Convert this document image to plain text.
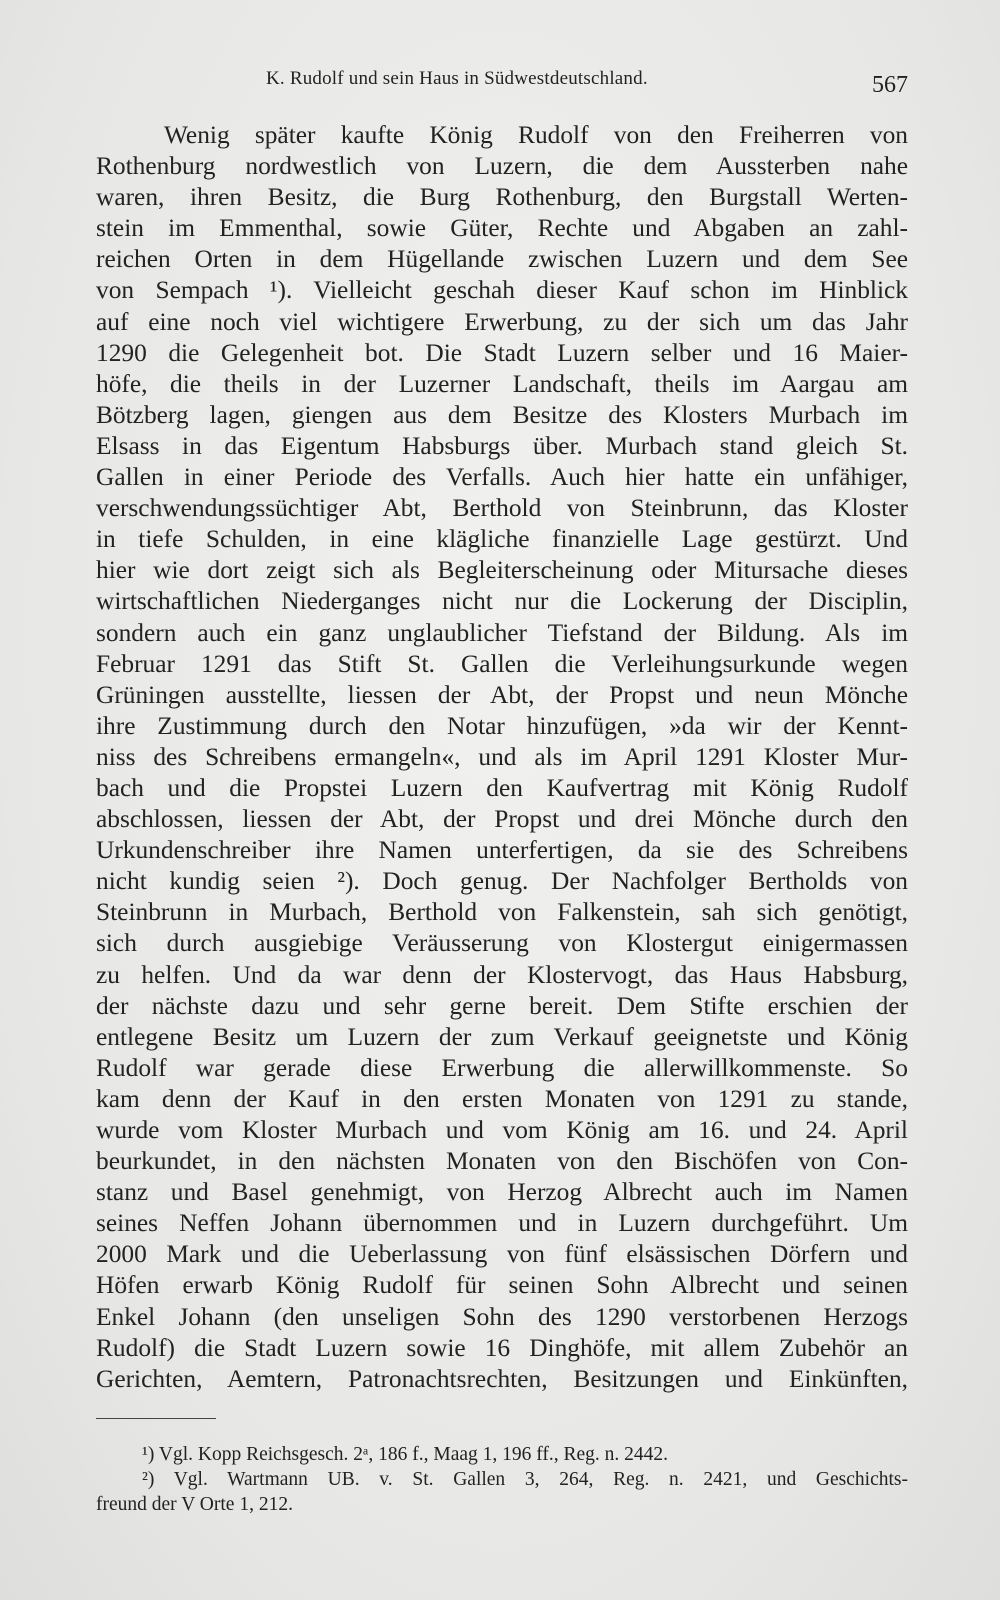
K. Rudolf und sein Haus in Südwestdeutschland.	567
Wenig später kaufte König Rudolf von den Freiherren von
Rothenburg nordwestlich von Luzern, die dem Aussterben nahe
waren, ihren Besitz, die Burg Rothenburg, den Burgstall Werten-
stein im Emmenthal, sowie Güter, Rechte und Abgaben an zahl-
reichen Orten in dem Hügellande zwischen Luzern und dem See
von Sempach ¹). Vielleicht geschah dieser Kauf schon im Hinblick
auf eine noch viel wichtigere Erwerbung, zu der sich um das Jahr
1290 die Gelegenheit bot. Die Stadt Luzern selber und 16 Maier-
höfe, die theils in der Luzerner Landschaft, theils im Aargau am
Bötzberg lagen, giengen aus dem Besitze des Klosters Murbach im
Elsass in das Eigentum Habsburgs über. Murbach stand gleich St.
Gallen in einer Periode des Verfalls. Auch hier hatte ein unfähiger,
verschwendungssüchtiger Abt, Berthold von Steinbrunn, das Kloster
in tiefe Schulden, in eine klägliche finanzielle Lage gestürzt. Und
hier wie dort zeigt sich als Begleiterscheinung oder Mitursache dieses
wirtschaftlichen Niederganges nicht nur die Lockerung der Disciplin,
sondern auch ein ganz unglaublicher Tiefstand der Bildung. Als im
Februar 1291 das Stift St. Gallen die Verleihungsurkunde wegen
Grüningen ausstellte, liessen der Abt, der Propst und neun Mönche
ihre Zustimmung durch den Notar hinzufügen, »da wir der Kennt-
niss des Schreibens ermangeln«, und als im April 1291 Kloster Mur-
bach und die Propstei Luzern den Kaufvertrag mit König Rudolf
abschlossen, liessen der Abt, der Propst und drei Mönche durch den
Urkundenschreiber ihre Namen unterfertigen, da sie des Schreibens
nicht kundig seien ²). Doch genug. Der Nachfolger Bertholds von
Steinbrunn in Murbach, Berthold von Falkenstein, sah sich genötigt,
sich durch ausgiebige Veräusserung von Klostergut einigermassen
zu helfen. Und da war denn der Klostervogt, das Haus Habsburg,
der nächste dazu und sehr gerne bereit. Dem Stifte erschien der
entlegene Besitz um Luzern der zum Verkauf geeignetste und König
Rudolf war gerade diese Erwerbung die allerwillkommenste. So
kam denn der Kauf in den ersten Monaten von 1291 zu stande,
wurde vom Kloster Murbach und vom König am 16. und 24. April
beurkundet, in den nächsten Monaten von den Bischöfen von Con-
stanz und Basel genehmigt, von Herzog Albrecht auch im Namen
seines Neffen Johann übernommen und in Luzern durchgeführt. Um
2000 Mark und die Ueberlassung von fünf elsässischen Dörfern und
Höfen erwarb König Rudolf für seinen Sohn Albrecht und seinen
Enkel Johann (den unseligen Sohn des 1290 verstorbenen Herzogs
Rudolf) die Stadt Luzern sowie 16 Dinghöfe, mit allem Zubehör an
Gerichten, Aemtern, Patronachtsrechten, Besitzungen und Einkünften,
¹) Vgl. Kopp Reichsgesch. 2ᵃ, 186 f., Maag 1, 196 ff., Reg. n. 2442.
²) Vgl. Wartmann UB. v. St. Gallen 3, 264, Reg. n. 2421, und Geschichts-
freund der V Orte 1, 212.
